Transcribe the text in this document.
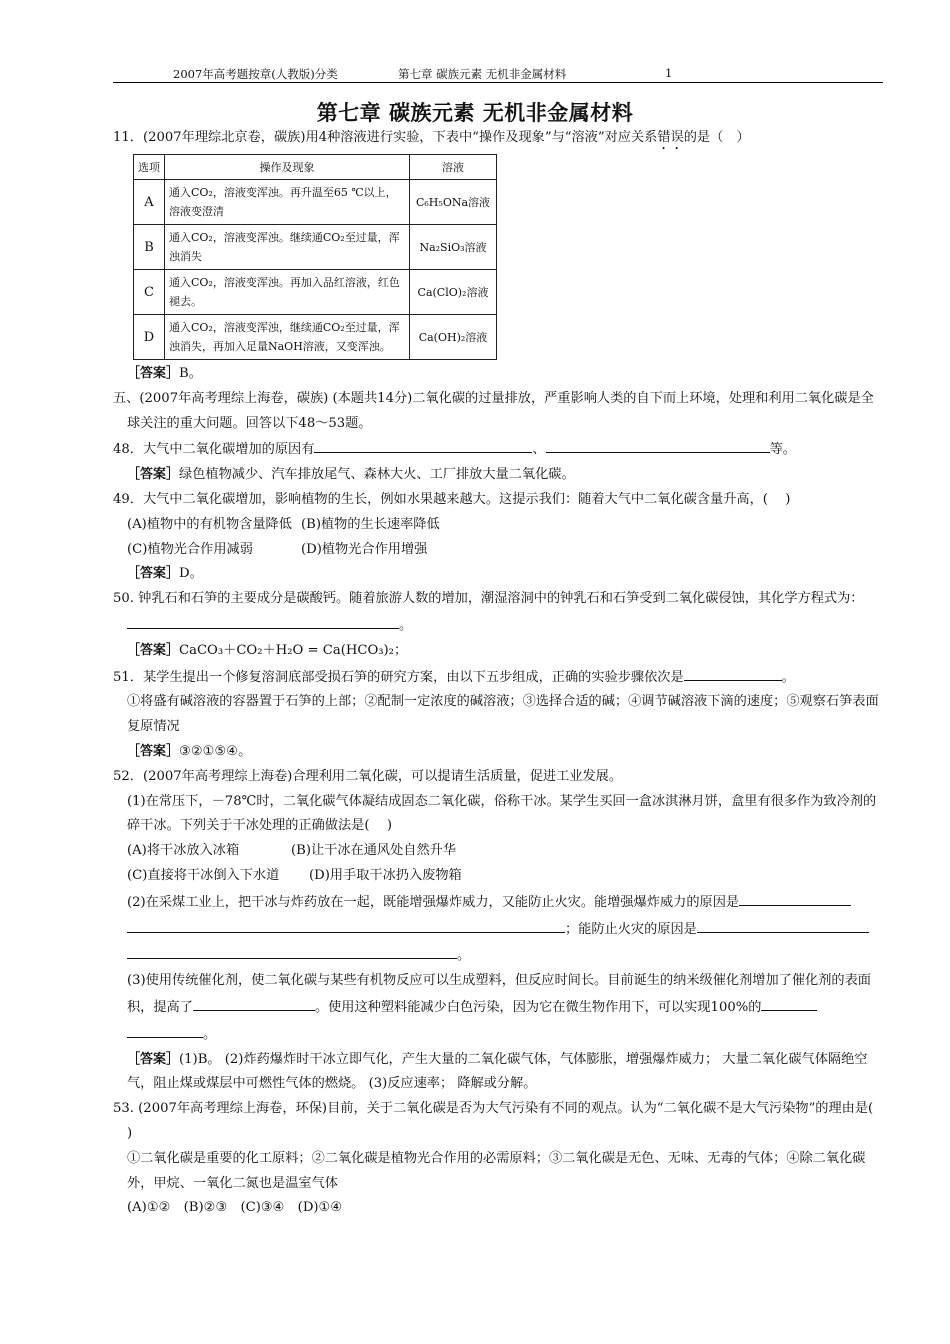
2007年高考题按章(人教版)分类	第七章 碳族元素 无机非金属材料	1
第七章 碳族元素 无机非金属材料

11．(2007年理综北京卷，碳族)用4种溶液进行实验，下表中“操作及现象”与“溶液”对应关系错误的是（　）

选项	操作及现象	溶液
A	通入CO₂，溶液变浑浊。再升温至65 ℃以上，溶液变澄清	C₆H₅ONa溶液
B	通入CO₂，溶液变浑浊。继续通CO₂至过量，浑浊消失	Na₂SiO₃溶液
C	通入CO₂，溶液变浑浊。再加入品红溶液，红色褪去。	Ca(ClO)₂溶液
D	通入CO₂，溶液变浑浊，继续通CO₂至过量，浑浊消失，再加入足量NaOH溶液，又变浑浊。	Ca(OH)₂溶液

［答案］B。

五、(2007年高考理综上海卷，碳族) (本题共14分)二氧化碳的过量排放，严重影响人类的自下而上环境，处理和利用二氧化碳是全球关注的重大问题。回答以下48～53题。

48．大气中二氧化碳增加的原因有	、	等。

［答案］绿色植物减少、汽车排放尾气、森林大火、工厂排放大量二氧化碳。

49．大气中二氧化碳增加，影响植物的生长，例如水果越来越大。这提示我们：随着大气中二氧化碳含量升高，(　 )

(A)植物中的有机物含量降低 (B)植物的生长速率降低

(C)植物光合作用减弱	(D)植物光合作用增强

［答案］D。

50. 钟乳石和石笋的主要成分是碳酸钙。随着旅游人数的增加，潮湿溶洞中的钟乳石和石笋受到二氧化碳侵蚀，其化学方程式为：。

［答案］CaCO₃＋CO₂＋H₂O = Ca(HCO₃)₂；

51．某学生提出一个修复溶洞底部受损石笋的研究方案，由以下五步组成，正确的实验步骤依次是	。

①将盛有碱溶液的容器置于石笋的上部；②配制一定浓度的碱溶液；③选择合适的碱；④调节碱溶液下滴的速度；⑤观察石笋表面复原情况

［答案］③②①⑤④。

52．(2007年高考理综上海卷)合理利用二氧化碳，可以提请生活质量，促进工业发展。

(1)在常压下，－78℃时，二氧化碳气体凝结成固态二氧化碳，俗称干冰。某学生买回一盒冰淇淋月饼，盒里有很多作为致冷剂的碎干冰。下列关于干冰处理的正确做法是(　 )

(A)将干冰放入冰箱	(B)让干冰在通风处自然升华

(C)直接将干冰倒入下水道 (D)用手取干冰扔入废物箱

(2)在采煤工业上，把干冰与炸药放在一起，既能增强爆炸威力，又能防止火灾。能增强爆炸威力的原因是；能防止火灾的原因是。

(3)使用传统催化剂，使二氧化碳与某些有机物反应可以生成塑料，但反应时间长。目前诞生的纳米级催化剂增加了催化剂的表面积，提高了	。使用这种塑料能减少白色污染，因为它在微生物作用下，可以实现100%的。

［答案］(1)B。 (2)炸药爆炸时干冰立即气化，产生大量的二氧化碳气体，气体膨胀，增强爆炸威力； 大量二氧化碳气体隔绝空气，阻止煤或煤层中可燃性气体的燃烧。 (3)反应速率； 降解或分解。

53. (2007年高考理综上海卷，环保)目前，关于二氧化碳是否为大气污染有不同的观点。认为“二氧化碳不是大气污染物”的理由是(　 )

①二氧化碳是重要的化工原料；②二氧化碳是植物光合作用的必需原料；③二氧化碳是无色、无味、无毒的气体；④除二氧化碳外，甲烷、一氧化二氮也是温室气体

(A)①②　(B)②③　(C)③④　(D)①④
